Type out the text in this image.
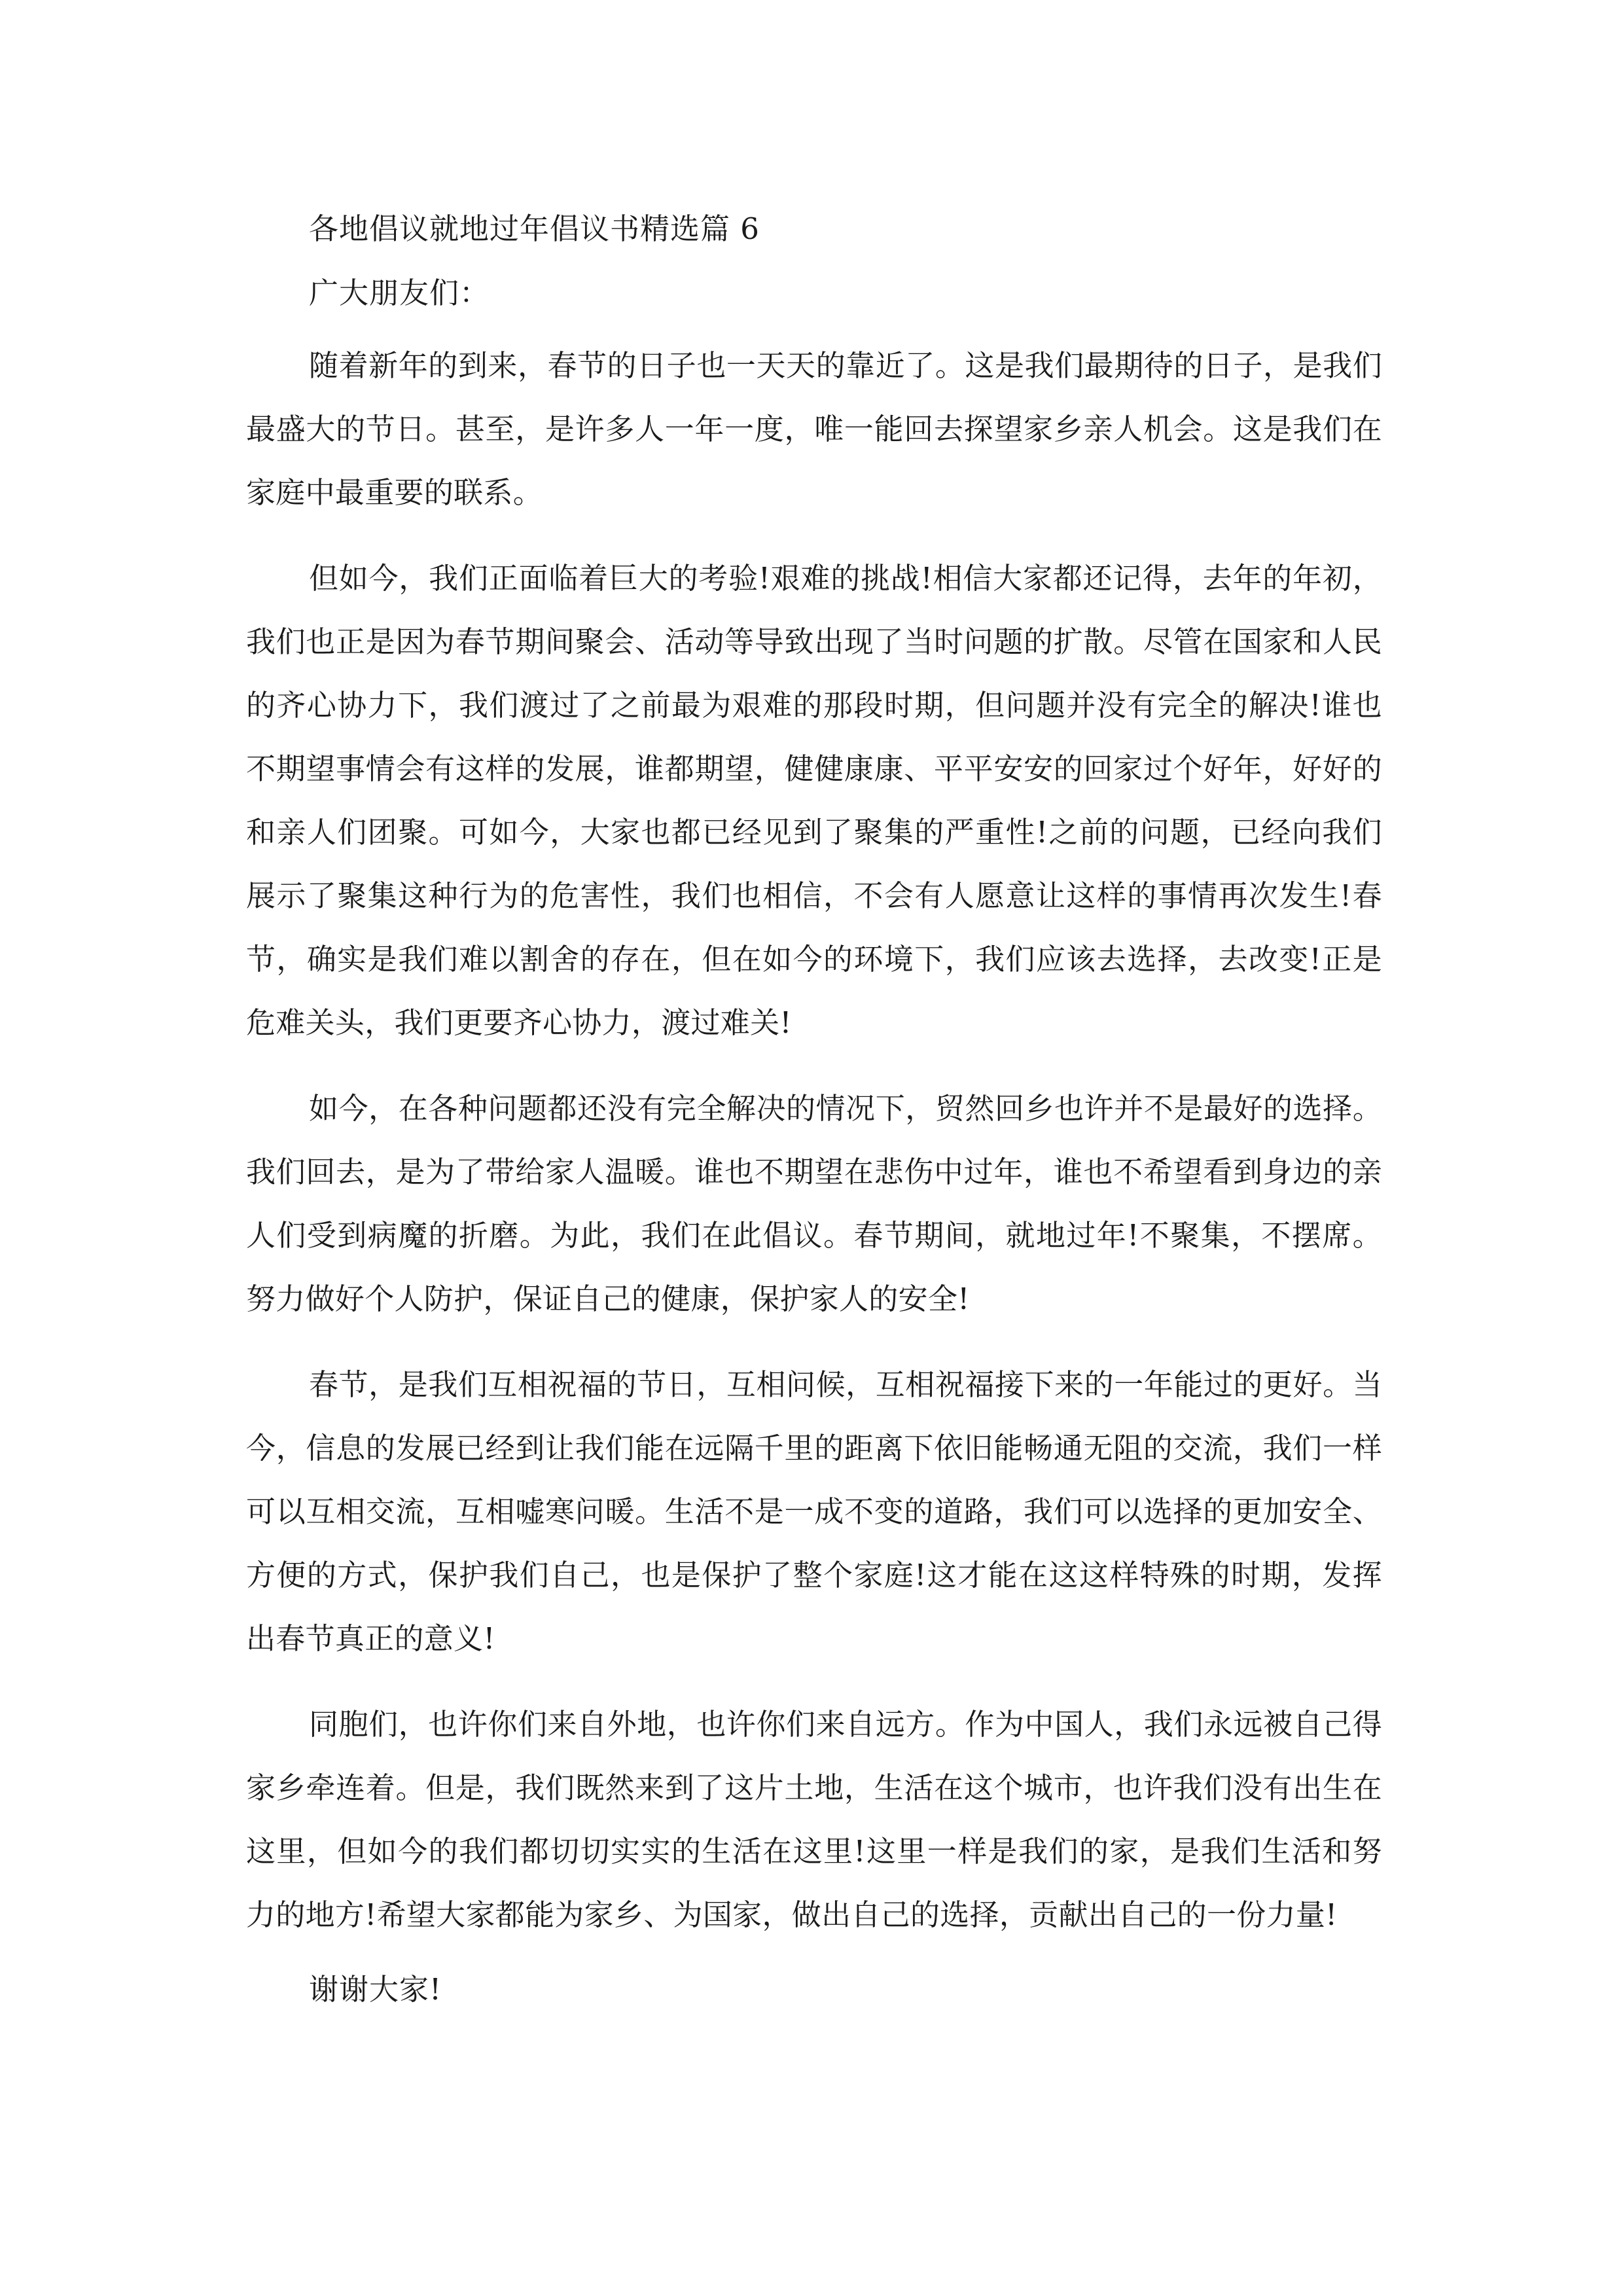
各地倡议就地过年倡议书精选篇 6
广大朋友们：

随着新年的到来，春节的日子也一天天的靠近了。这是我们最期待的日子，是我们最盛大的节日。甚至，是许多人一年一度，唯一能回去探望家乡亲人机会。这是我们在家庭中最重要的联系。

但如今，我们正面临着巨大的考验!艰难的挑战!相信大家都还记得，去年的年初，我们也正是因为春节期间聚会、活动等导致出现了当时问题的扩散。尽管在国家和人民的齐心协力下，我们渡过了之前最为艰难的那段时期，但问题并没有完全的解决!谁也不期望事情会有这样的发展，谁都期望，健健康康、平平安安的回家过个好年，好好的和亲人们团聚。可如今，大家也都已经见到了聚集的严重性!之前的问题，已经向我们展示了聚集这种行为的危害性，我们也相信，不会有人愿意让这样的事情再次发生!春节，确实是我们难以割舍的存在，但在如今的环境下，我们应该去选择，去改变!正是危难关头，我们更要齐心协力，渡过难关!

如今，在各种问题都还没有完全解决的情况下，贸然回乡也许并不是最好的选择。我们回去，是为了带给家人温暖。谁也不期望在悲伤中过年，谁也不希望看到身边的亲人们受到病魔的折磨。为此，我们在此倡议。春节期间，就地过年!不聚集，不摆席。努力做好个人防护，保证自己的健康，保护家人的安全!

春节，是我们互相祝福的节日，互相问候，互相祝福接下来的一年能过的更好。当今，信息的发展已经到让我们能在远隔千里的距离下依旧能畅通无阻的交流，我们一样可以互相交流，互相嘘寒问暖。生活不是一成不变的道路，我们可以选择的更加安全、方便的方式，保护我们自己，也是保护了整个家庭!这才能在这这样特殊的时期，发挥出春节真正的意义!

同胞们，也许你们来自外地，也许你们来自远方。作为中国人，我们永远被自己得家乡牵连着。但是，我们既然来到了这片土地，生活在这个城市，也许我们没有出生在这里，但如今的我们都切切实实的生活在这里!这里一样是我们的家，是我们生活和努力的地方!希望大家都能为家乡、为国家，做出自己的选择，贡献出自己的一份力量!

谢谢大家!
